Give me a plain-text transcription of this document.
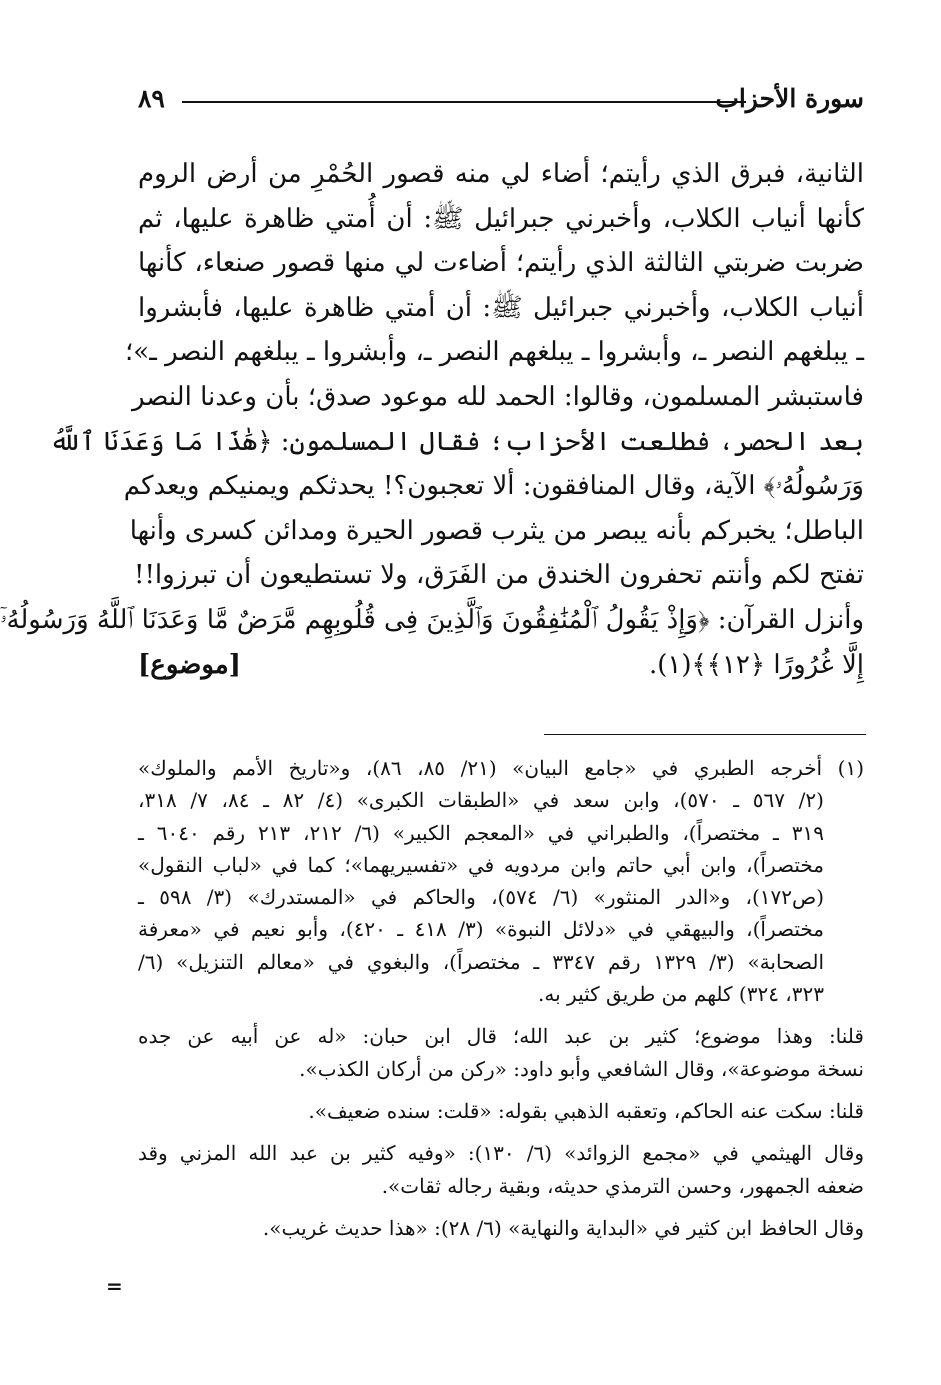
سورة الأحزاب
٨٩
الثانية، فبرق الذي رأيتم؛ أضاء لي منه قصور الحُمْرِ من أرض الروم
كأنها أنياب الكلاب، وأخبرني جبرائيل ﷺ: أن أُمتي ظاهرة عليها، ثم
ضربت ضربتي الثالثة الذي رأيتم؛ أضاءت لي منها قصور صنعاء، كأنها
أنياب الكلاب، وأخبرني جبرائيل ﷺ: أن أمتي ظاهرة عليها، فأبشروا
ـ يبلغهم النصر ـ، وأبشروا ـ يبلغهم النصر ـ، وأبشروا ـ يبلغهم النصر ـ»؛
فاستبشر المسلمون، وقالوا: الحمد لله موعود صدق؛ بأن وعدنا النصر
بعد الحصر، فطلعت الأحزاب؛ فقال المسلمون: ﴿هَٰذَا مَا وَعَدَنَا ٱللَّهُ
وَرَسُولُهُۥ﴾ الآية، وقال المنافقون: ألا تعجبون؟! يحدثكم ويمنيكم ويعدكم
الباطل؛ يخبركم بأنه يبصر من يثرب قصور الحيرة ومدائن كسرى وأنها
تفتح لكم وأنتم تحفرون الخندق من الفَرَق، ولا تستطيعون أن تبرزوا!!
وأنزل القرآن: ﴿وَإِذْ يَقُولُ ٱلْمُنَٰفِقُونَ وَٱلَّذِينَ فِى قُلُوبِهِم مَّرَضٌ مَّا وَعَدَنَا ٱللَّهُ وَرَسُولُهُۥٓ
إِلَّا غُرُورًا ﴿١٢﴾﴾(١).
[موضوع]
(١) أخرجه الطبري في «جامع البيان» (٢١/ ٨٥، ٨٦)، و«تاريخ الأمم والملوك»
(٢/ ٥٦٧ ـ ٥٧٠)، وابن سعد في «الطبقات الكبرى» (٤/ ٨٢ ـ ٨٤، ٧/ ٣١٨،
٣١٩ ـ مختصراً)، والطبراني في «المعجم الكبير» (٦/ ٢١٢، ٢١٣ رقم ٦٠٤٠ ـ
مختصراً)، وابن أبي حاتم وابن مردويه في «تفسيريهما»؛ كما في «لباب النقول»
(ص١٧٢)، و«الدر المنثور» (٦/ ٥٧٤)، والحاكم في «المستدرك» (٣/ ٥٩٨ ـ
مختصراً)، والبيهقي في «دلائل النبوة» (٣/ ٤١٨ ـ ٤٢٠)، وأبو نعيم في «معرفة
الصحابة» (٣/ ١٣٢٩ رقم ٣٣٤٧ ـ مختصراً)، والبغوي في «معالم التنزيل» (٦/
٣٢٣، ٣٢٤) كلهم من طريق كثير به.
قلنا: وهذا موضوع؛ كثير بن عبد الله؛ قال ابن حبان: «له عن أبيه عن جده
نسخة موضوعة»، وقال الشافعي وأبو داود: «ركن من أركان الكذب».
قلنا: سكت عنه الحاكم، وتعقبه الذهبي بقوله: «قلت: سنده ضعيف».
وقال الهيثمي في «مجمع الزوائد» (٦/ ١٣٠): «وفيه كثير بن عبد الله المزني وقد
ضعفه الجمهور، وحسن الترمذي حديثه، وبقية رجاله ثقات».
وقال الحافظ ابن كثير في «البداية والنهاية» (٦/ ٢٨): «هذا حديث غريب».
=
